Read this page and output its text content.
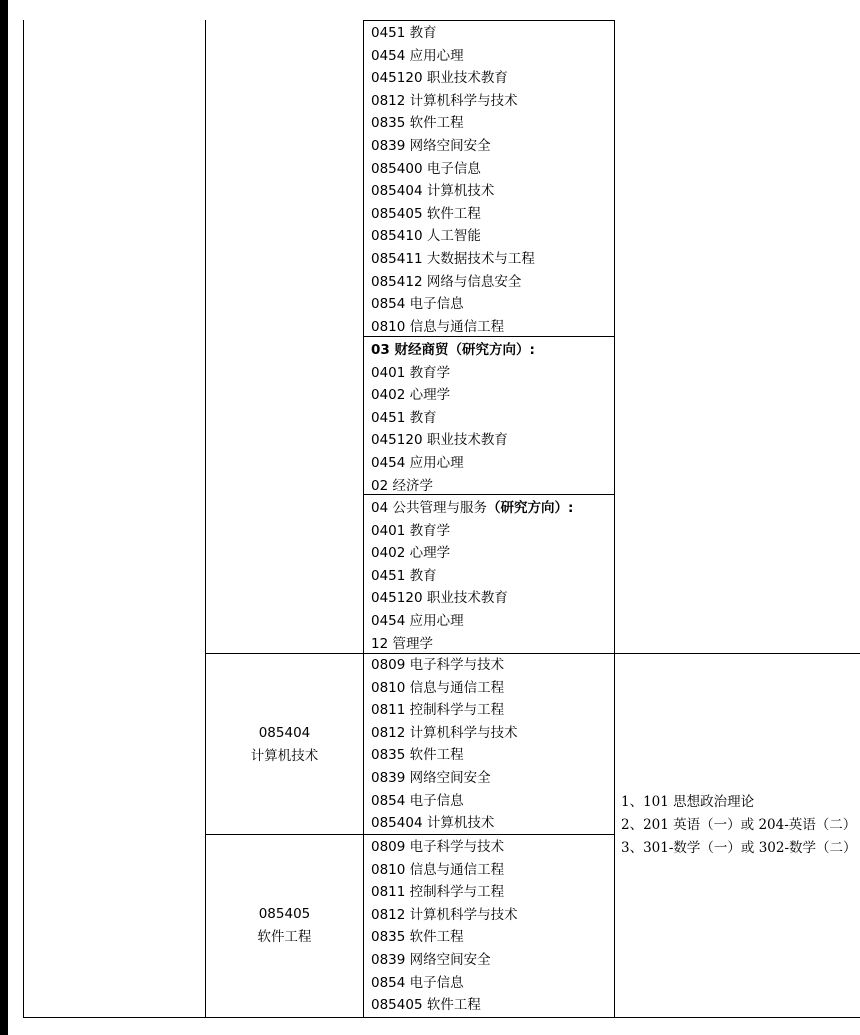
0451 教育
0454 应用心理
045120 职业技术教育
0812 计算机科学与技术
0835 软件工程
0839 网络空间安全
085400 电子信息
085404 计算机技术
085405 软件工程
085410 人工智能
085411 大数据技术与工程
085412 网络与信息安全
0854 电子信息
0810 信息与通信工程
03 财经商贸（研究方向）:
0401 教育学
0402 心理学
0451 教育
045120 职业技术教育
0454 应用心理
02 经济学
04 公共管理与服务（研究方向）:
0401 教育学
0402 心理学
0451 教育
045120 职业技术教育
0454 应用心理
12 管理学
085404
计算机技术
0809 电子科学与技术
0810 信息与通信工程
0811 控制科学与工程
0812 计算机科学与技术
0835 软件工程
0839 网络空间安全
0854 电子信息
085404 计算机技术
085405
软件工程
0809 电子科学与技术
0810 信息与通信工程
0811 控制科学与工程
0812 计算机科学与技术
0835 软件工程
0839 网络空间安全
0854 电子信息
085405 软件工程
1、101 思想政治理论
2、201 英语（一）或 204-英语（二）
3、301-数学（一）或 302-数学（二）
